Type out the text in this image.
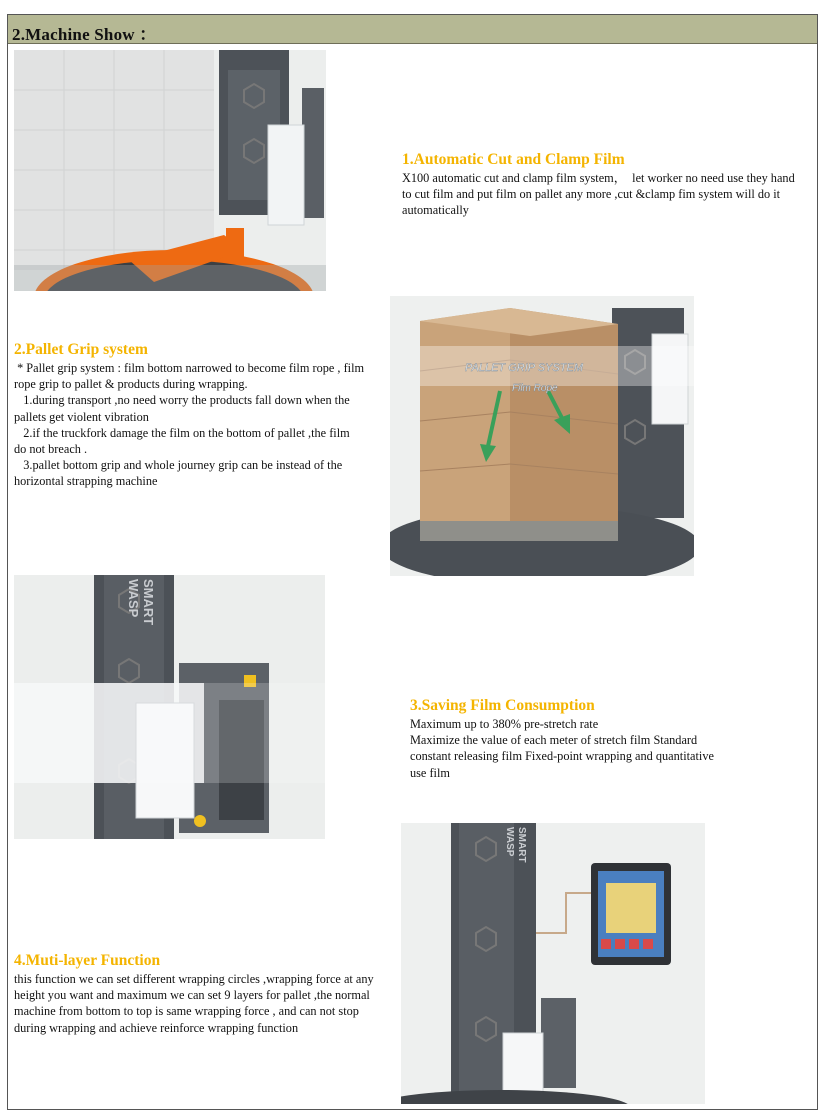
2.Machine Show ：
1.Automatic Cut and Clamp Film

X100 automatic cut and clamp film system，  let worker no need use they hand

to cut film and put film on pallet any more ,cut &clamp fim system will do it

automatically

2.Pallet Grip system

* Pallet grip system : film bottom narrowed to become film rope , film

rope grip to pallet & products during wrapping.

1.during transport ,no need worry the products fall down when the

pallets get violent vibration

2.if the truckfork damage the film on the bottom of pallet ,the film

do not breach .

3.pallet bottom grip and whole journey grip can be instead of the

horizontal strapping machine

PALLET GRIP SYSTEM
Film Rope
SMART
WASP
3.Saving Film Consumption

Maximum up to 380% pre-stretch rate

Maximize the value of each meter of stretch film Standard

constant releasing film Fixed-point wrapping and quantitative

use film

4.Muti-layer Function

this function we can set different wrapping circles ,wrapping force at any

height you want and maximum we can set 9 layers for pallet ,the normal

machine from bottom to top is same wrapping force , and can not stop

during wrapping and achieve reinforce wrapping function

SMART
WASP
